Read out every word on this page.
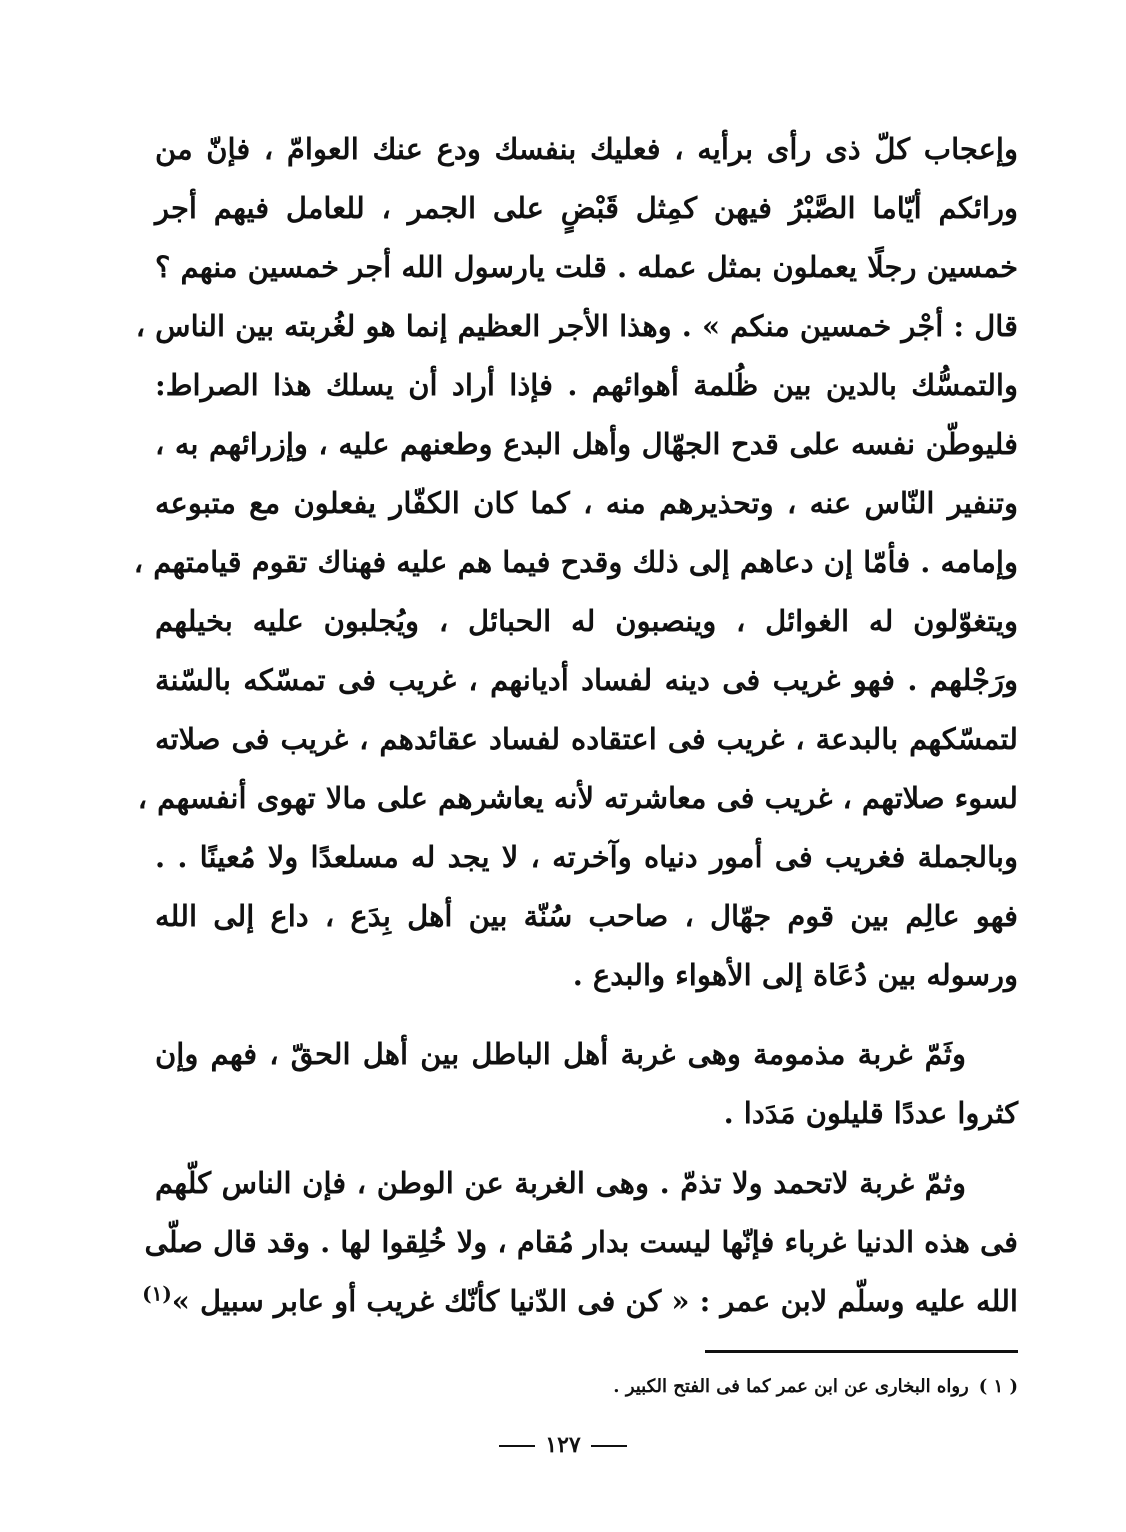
وإعجاب كلّ ذى رأى برأيه ، فعليك بنفسك ودع عنك العوامّ ، فإنّ من
ورائكم أيّاما الصَّبْرُ فيهن كمِثل قَبْضٍ على الجمر ، للعامل فيهم أجر
خمسين رجلًا يعملون بمثل عمله . قلت يارسول الله أجر خمسين منهم ؟
قال : أجْر خمسين منكم » . وهذا الأجر العظيم إنما هو لغُربته بين الناس ،
والتمسُّك بالدين بين ظُلمة أهوائهم . فإذا أراد أن يسلك هذا الصراط:
فليوطّن نفسه على قدح الجهّال وأهل البدع وطعنهم عليه ، وإزرائهم به ،
وتنفير النّاس عنه ، وتحذيرهم منه ، كما كان الكفّار يفعلون مع متبوعه
وإمامه . فأمّا إن دعاهم إلى ذلك وقدح فيما هم عليه فهناك تقوم قيامتهم ،
ويتغوّلون له الغوائل ، وينصبون له الحبائل ، ويُجلبون عليه بخيلهم
ورَجْلهم . فهو غريب فى دينه لفساد أديانهم ، غريب فى تمسّكه بالسّنة
لتمسّكهم بالبدعة ، غريب فى اعتقاده لفساد عقائدهم ، غريب فى صلاته
لسوء صلاتهم ، غريب فى معاشرته لأنه يعاشرهم على مالا تهوى أنفسهم ،
وبالجملة فغريب فى أمور دنياه وآخرته ، لا يجد له مسلعدًا ولا مُعينًا . .
فهو عالِم بين قوم جهّال ، صاحب سُنّة بين أهل بِدَع ، داع إلى الله
ورسوله بين دُعَاة إلى الأهواء والبدع .
وثَمّ غربة مذمومة وهى غربة أهل الباطل بين أهل الحقّ ، فهم وإن
كثروا عددًا قليلون مَدَدا .
وثمّ غربة لاتحمد ولا تذمّ . وهى الغربة عن الوطن ، فإن الناس كلّهم
فى هذه الدنيا غرباء فإنّها ليست بدار مُقام ، ولا خُلِقوا لها . وقد قال صلّى
الله عليه وسلّم لابن عمر : « كن فى الدّنيا كأنّك غريب أو عابر سبيل »$^{(١)}$
( ١ )رواه البخارى عن ابن عمر كما فى الفتح الكبير .
١٢٧
